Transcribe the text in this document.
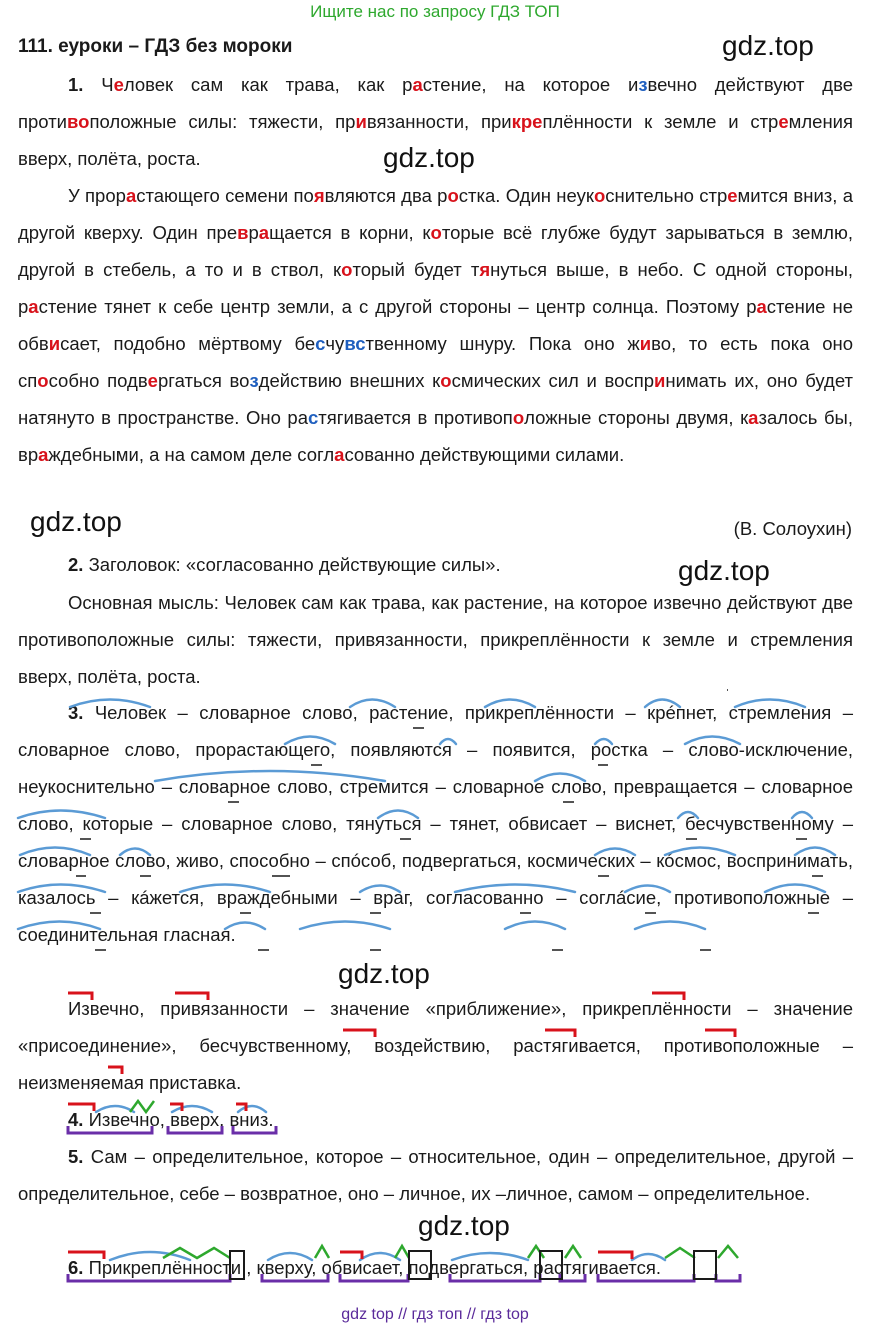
Ищите нас по запросу ГДЗ ТОП
111. еуроки – ГДЗ без мороки	gdz.top
gdz.top
gdz.top
gdz.top
gdz.top
gdz.top

1. Человек сам как трава, как растение, на которое извечно действуют две противоположные силы: тяжести, привязанности, прикреплённости к земле и стремления вверх, полёта, роста.

У прорастающего семени появляются два ростка. Один неукоснительно стремится вниз, а другой кверху. Один превращается в корни, которые всё глубже будут зарываться в землю, другой в стебель, а то и в ствол, который будет тянуться выше, в небо. С одной стороны, растение тянет к себе центр земли, а с другой стороны – центр солнца. Поэтому растение не обвисает, подобно мёртвому бесчувственному шнуру. Пока оно живо, то есть пока оно способно подвергаться воздействию внешних космических сил и воспринимать их, оно будет натянуто в пространстве. Оно растягивается в противоположные стороны двумя, казалось бы, враждебными, а на самом деле согласованно действующими силами.

(В. Солоухин)

2. Заголовок: «согласованно действующие силы».

Основная мысль: Человек сам как трава, как растение, на которое извечно действуют две противоположные силы: тяжести, привязанности, прикреплённости к земле и стремления вверх, полёта, роста.

3. Человек – словарное слово, растение, прикреплённости – крéпнет, стремления – словарное слово, прорастающего, появляются – появится, ростка – слово-исключение, неукоснительно – словарное слово, стремится – словарное слово, превращается – словарное слово, которые – словарное слово, тянуться – тянет, обвисает – виснет, бесчувственному – словарное слово, живо, способно – спóсоб, подвергаться, космических – кóсмос, воспринимать, казалось – кáжется, враждебными – враг, согласованно – соглáсие, противоположные – соединительная гласная.

Извечно, привязанности – значение «приближение», прикреплённости – значение «присоединение», бесчувственному, воздействию, растягивается, противоположные – неизменяемая приставка.

4. Извечно, вверх, вниз.

5. Сам – определительное, которое – относительное, один – определительное, другой – определительное, себе – возвратное, оно – личное, их –личное, самом – определительное.

6. Прикреплённости , кверху, обвисает, подвергаться, растягивается.

gdz top // гдз топ // гдз top
